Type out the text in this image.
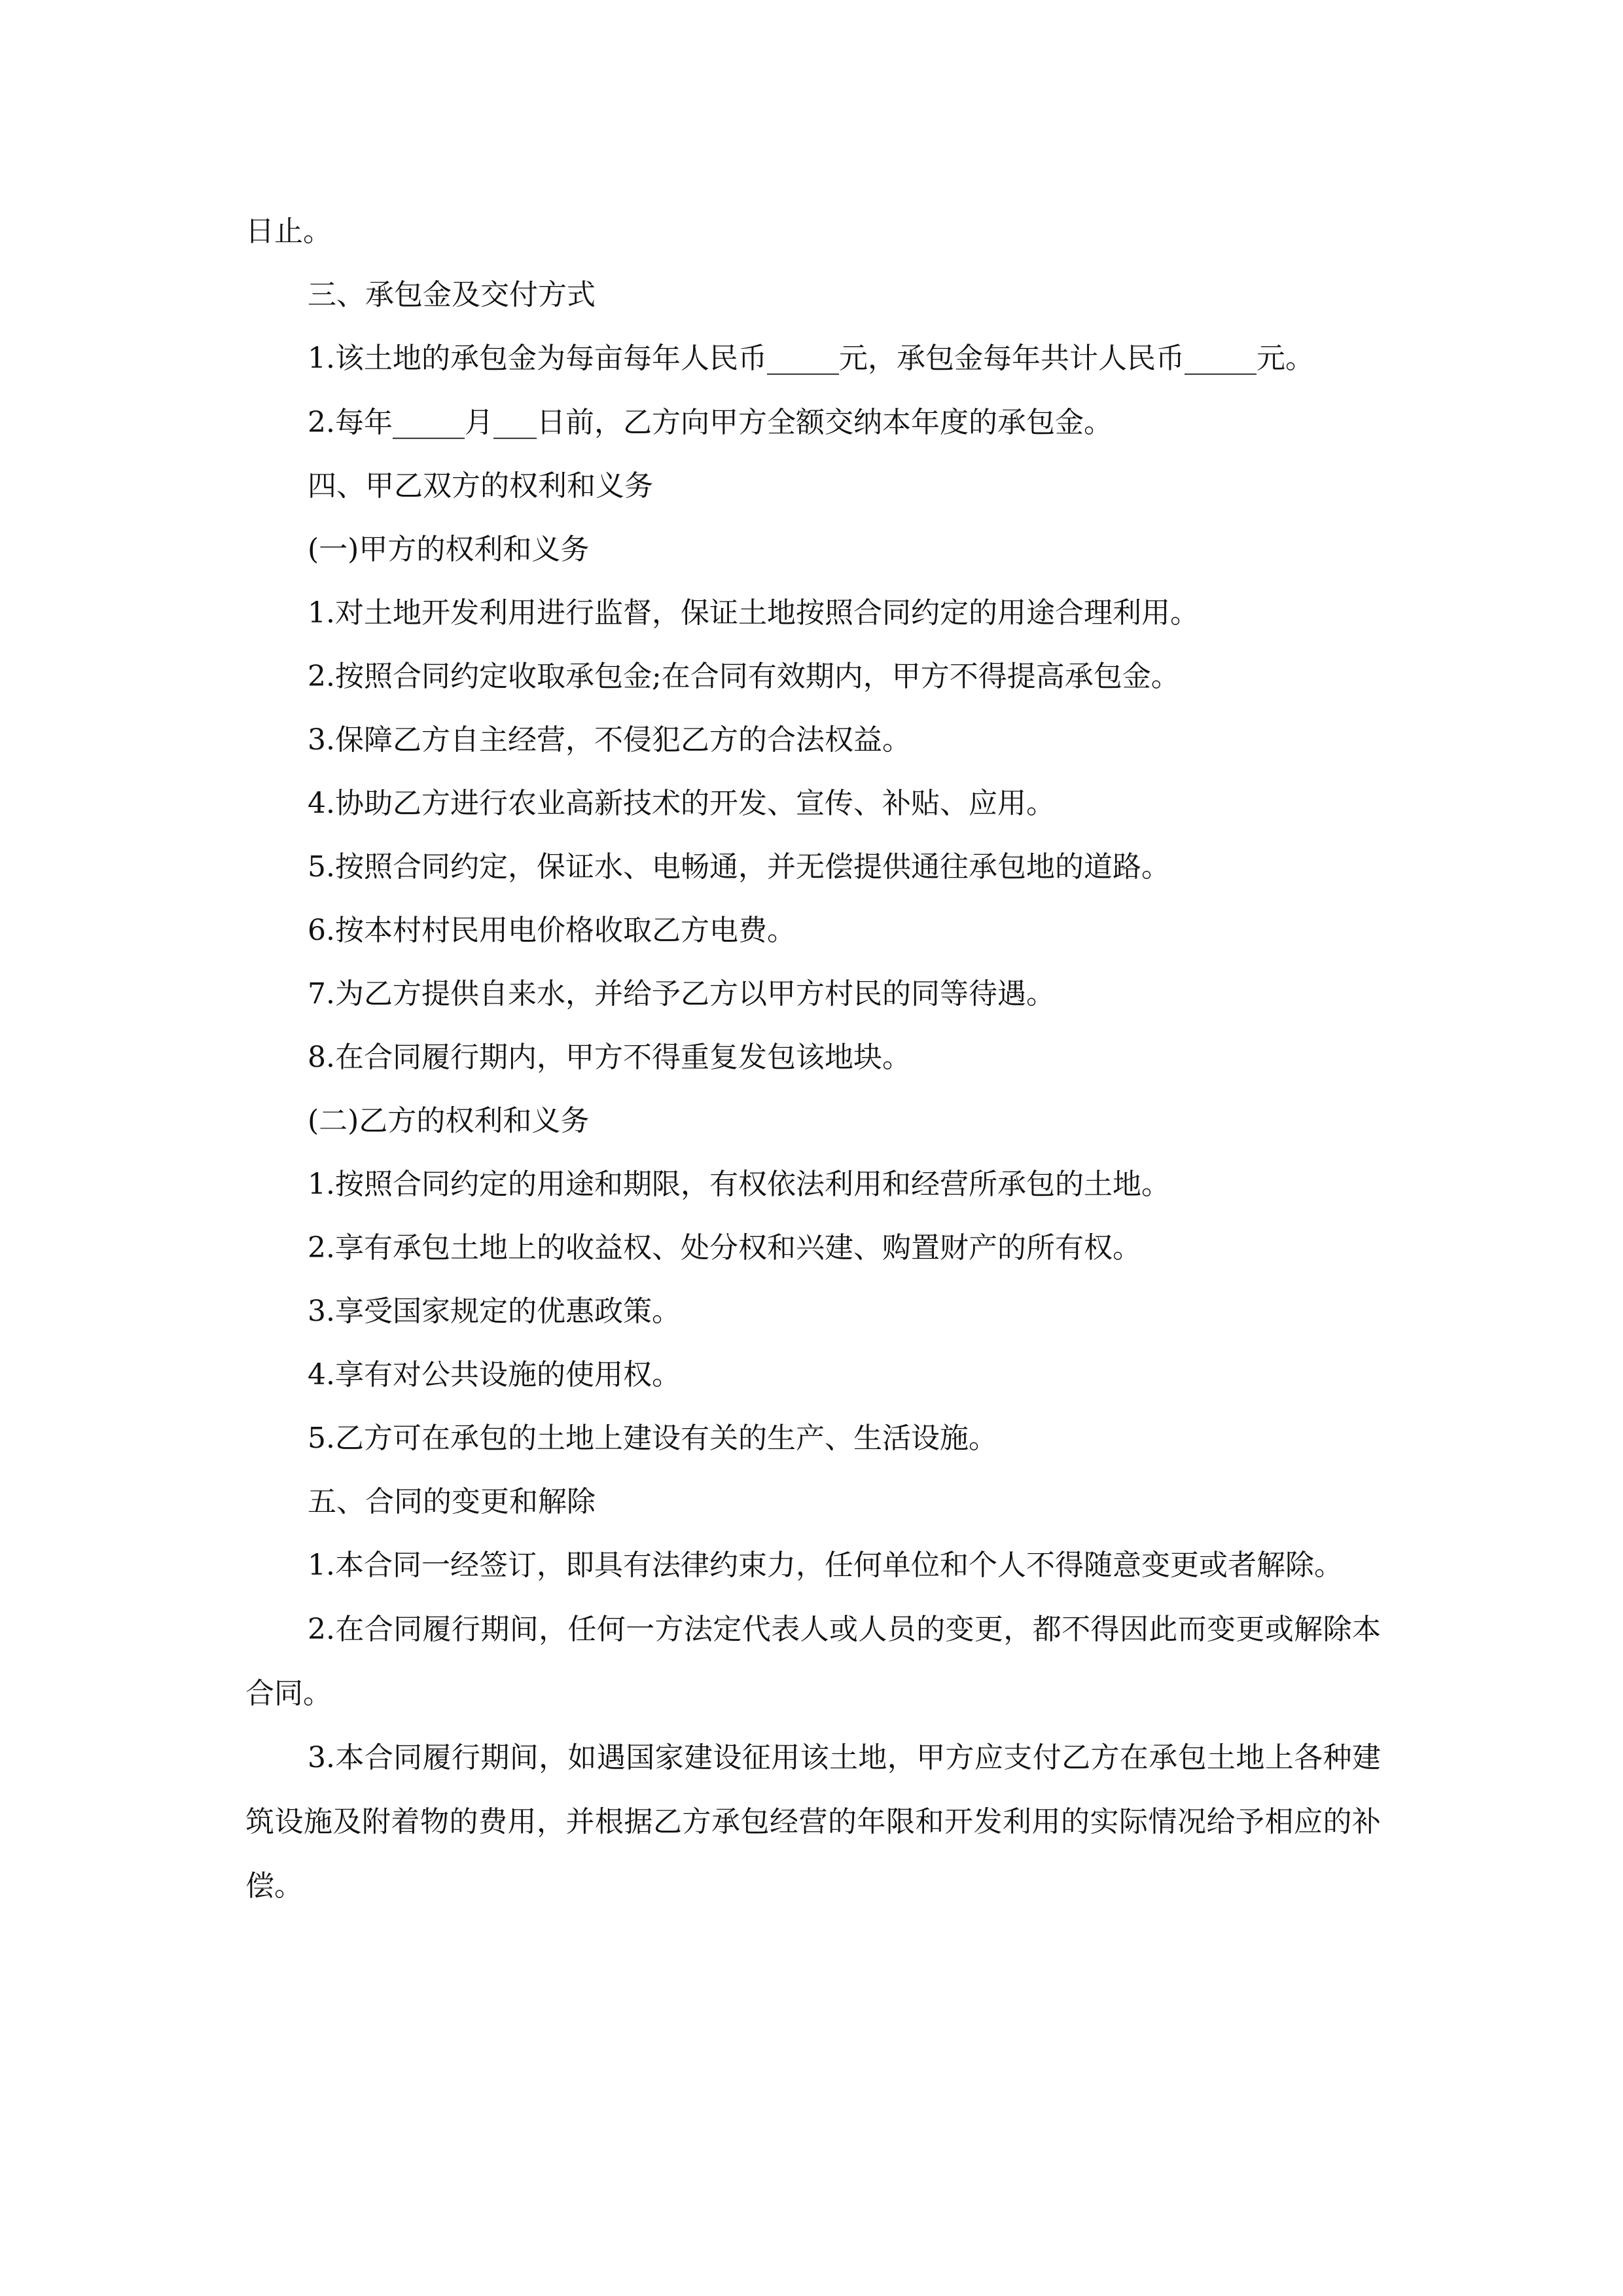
日止。

三、承包金及交付方式

1.该土地的承包金为每亩每年人民币_____元，承包金每年共计人民币_____元。

2.每年_____月___日前，乙方向甲方全额交纳本年度的承包金。

四、甲乙双方的权利和义务

(一)甲方的权利和义务

1.对土地开发利用进行监督，保证土地按照合同约定的用途合理利用。

2.按照合同约定收取承包金;在合同有效期内，甲方不得提高承包金。

3.保障乙方自主经营，不侵犯乙方的合法权益。

4.协助乙方进行农业高新技术的开发、宣传、补贴、应用。

5.按照合同约定，保证水、电畅通，并无偿提供通往承包地的道路。

6.按本村村民用电价格收取乙方电费。

7.为乙方提供自来水，并给予乙方以甲方村民的同等待遇。

8.在合同履行期内，甲方不得重复发包该地块。

(二)乙方的权利和义务

1.按照合同约定的用途和期限，有权依法利用和经营所承包的土地。

2.享有承包土地上的收益权、处分权和兴建、购置财产的所有权。

3.享受国家规定的优惠政策。

4.享有对公共设施的使用权。

5.乙方可在承包的土地上建设有关的生产、生活设施。

五、合同的变更和解除

1.本合同一经签订，即具有法律约束力，任何单位和个人不得随意变更或者解除。

2.在合同履行期间，任何一方法定代表人或人员的变更，都不得因此而变更或解除本合同。

3.本合同履行期间，如遇国家建设征用该土地，甲方应支付乙方在承包土地上各种建筑设施及附着物的费用，并根据乙方承包经营的年限和开发利用的实际情况给予相应的补偿。
